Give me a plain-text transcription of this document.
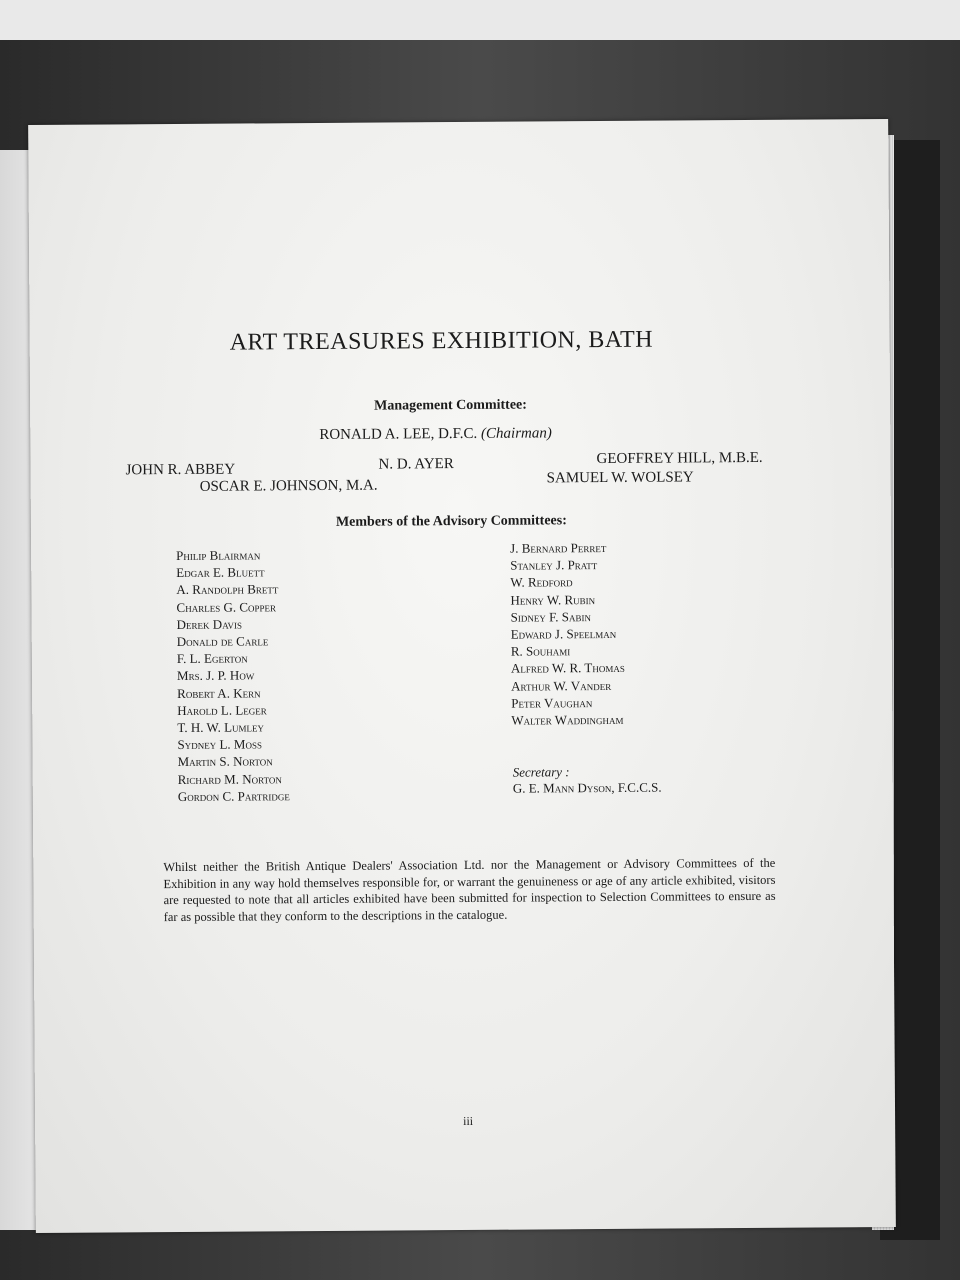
ART TREASURES EXHIBITION, BATH
Management Committee:
RONALD A. LEE, D.F.C. (Chairman)
JOHN R. ABBEY	N. D. AYER	GEOFFREY HILL, M.B.E.
OSCAR E. JOHNSON, M.A.	SAMUEL W. WOLSEY
Members of the Advisory Committees:
Philip Blairman
Edgar E. Bluett
A. Randolph Brett
Charles G. Copper
Derek Davis
Donald de Carle
F. L. Egerton
Mrs. J. P. How
Robert A. Kern
Harold L. Leger
T. H. W. Lumley
Sydney L. Moss
Martin S. Norton
Richard M. Norton
Gordon C. Partridge
J. Bernard Perret
Stanley J. Pratt
W. Redford
Henry W. Rubin
Sidney F. Sabin
Edward J. Speelman
R. Souhami
Alfred W. R. Thomas
Arthur W. Vander
Peter Vaughan
Walter Waddingham
Secretary :
G. E. Mann Dyson, F.C.C.S.
Whilst neither the British Antique Dealers' Association Ltd. nor the Management or Advisory Committees of the Exhibition in any way hold themselves responsible for, or warrant the genuineness or age of any article exhibited, visitors are requested to note that all articles exhibited have been submitted for inspection to Selection Committees to ensure as far as possible that they conform to the descriptions in the catalogue.
iii
